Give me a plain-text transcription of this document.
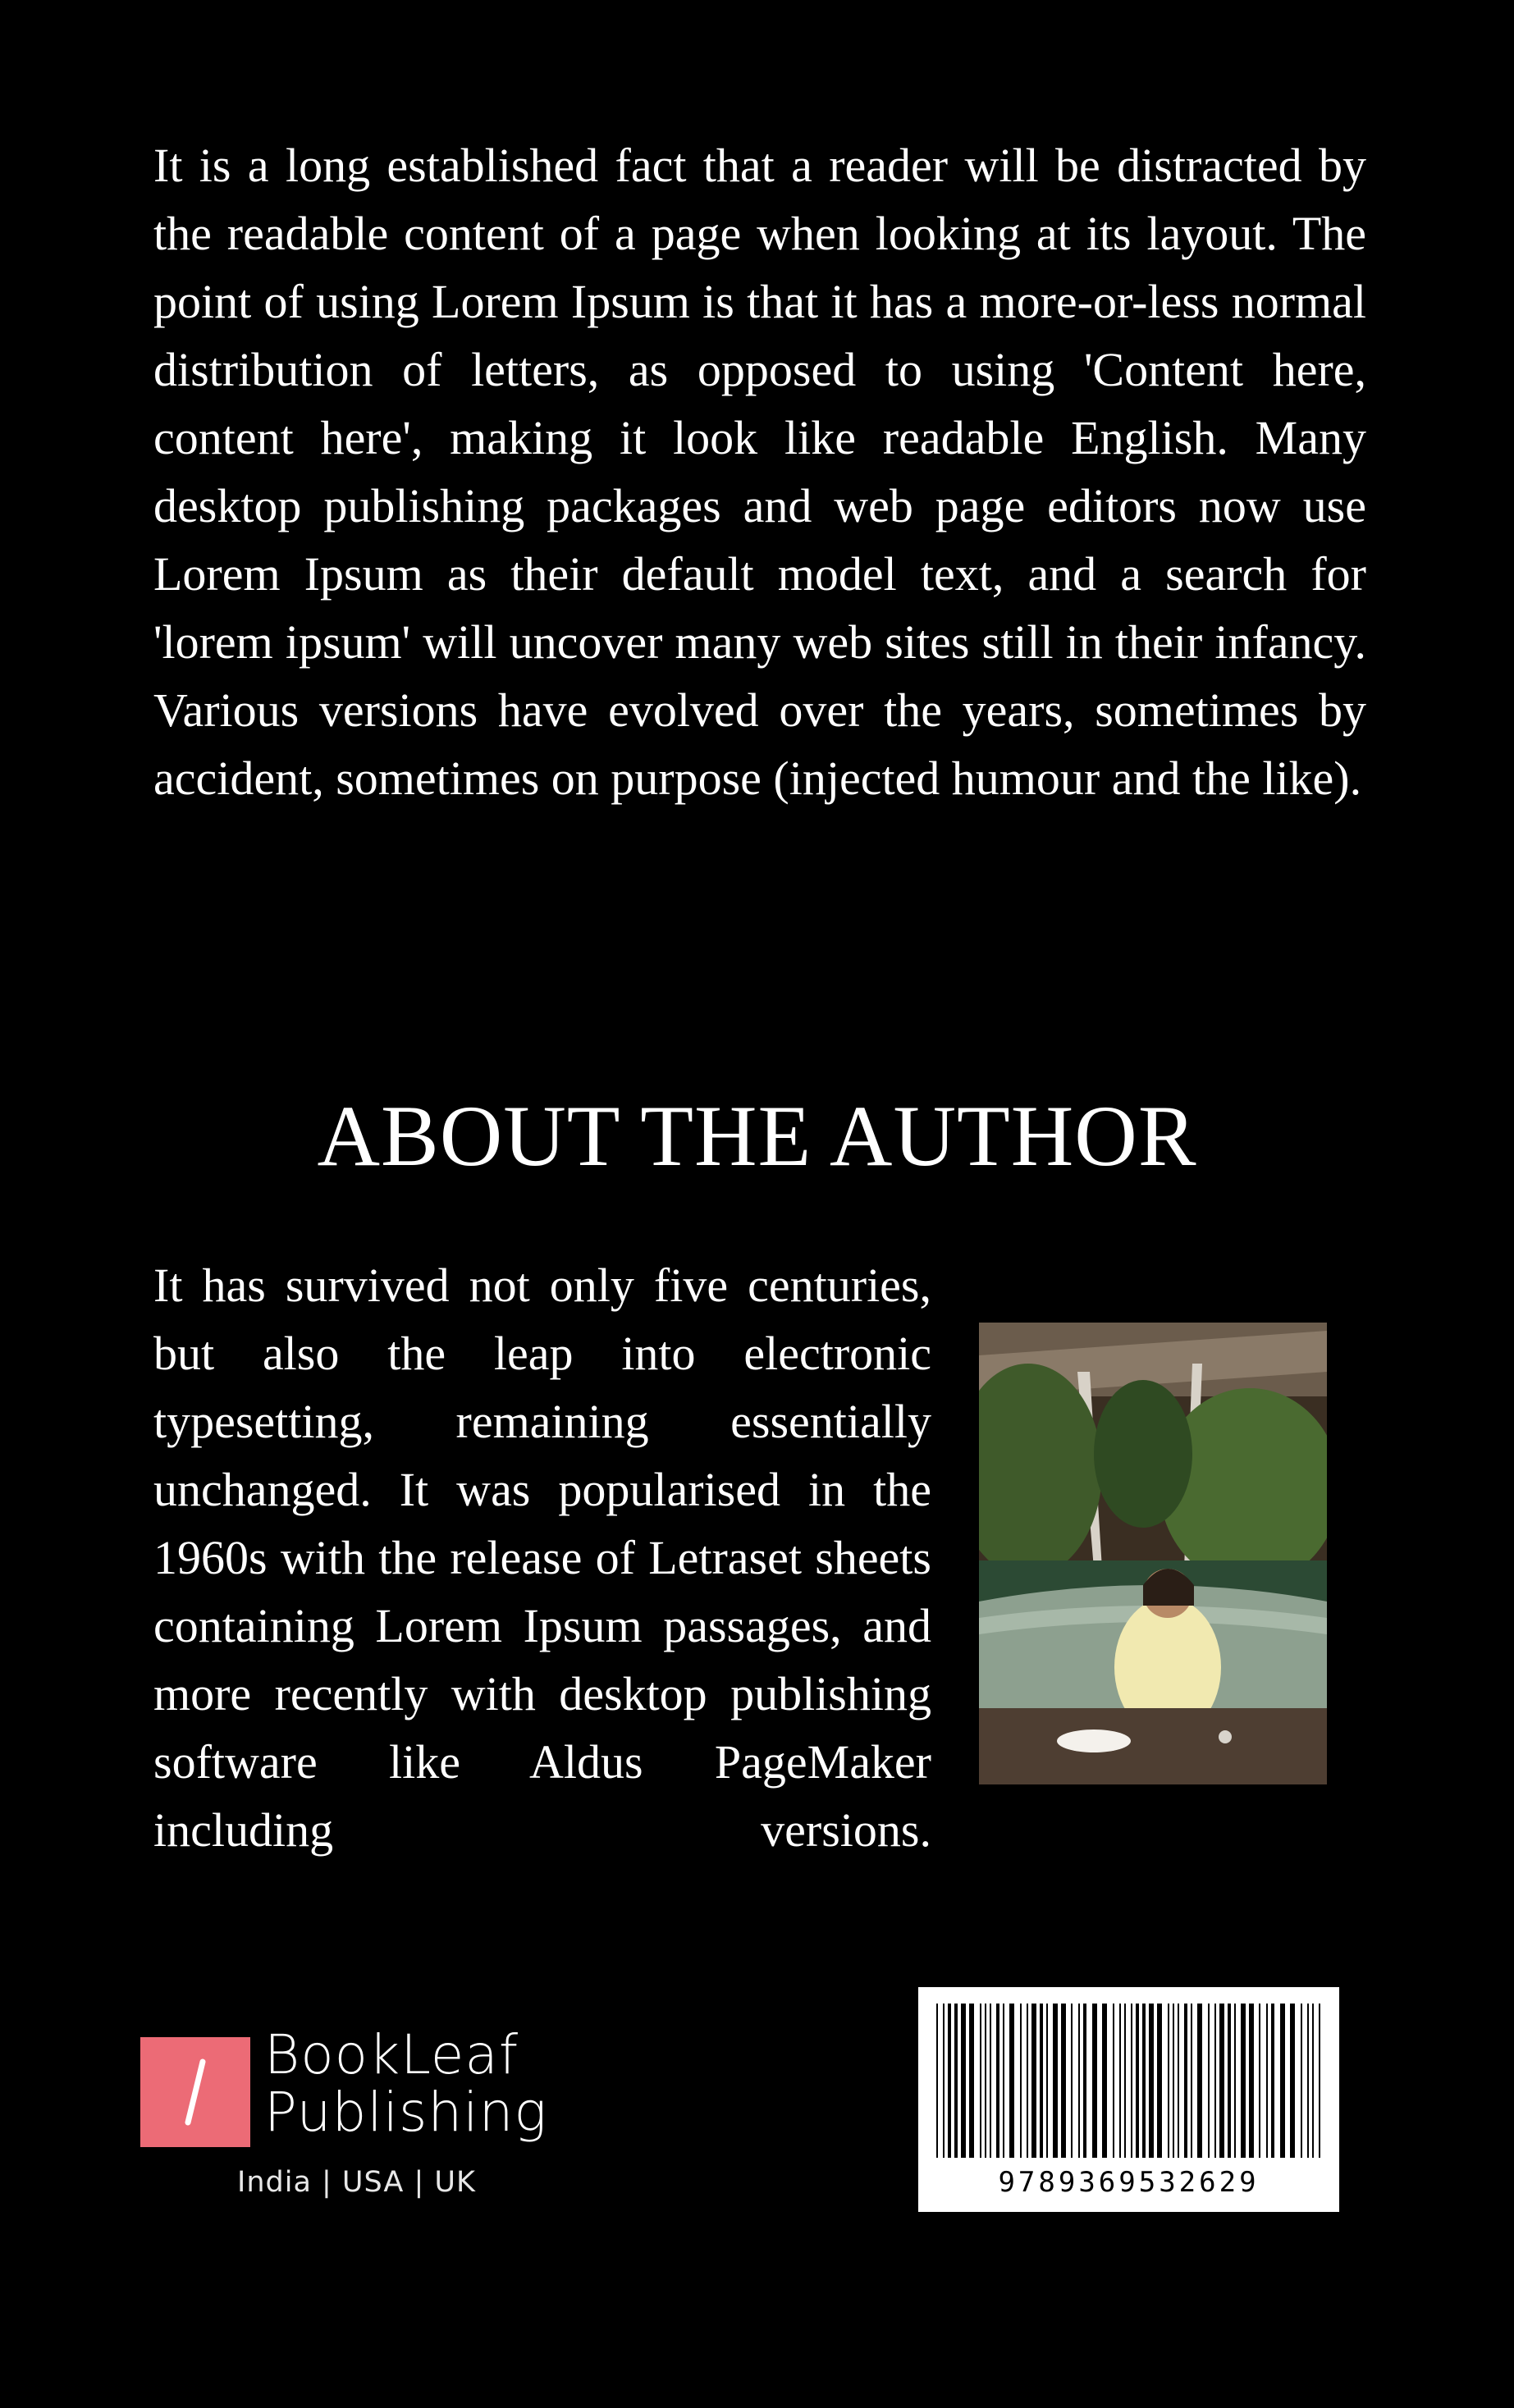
It is a long established fact that a reader will be distracted by the readable content of a page when looking at its layout. The point of using Lorem Ipsum is that it has a more-or-less normal distribution of letters, as opposed to using 'Content here, content here', making it look like readable English. Many desktop publishing packages and web page editors now use Lorem Ipsum as their default model text, and a search for 'lorem ipsum' will uncover many web sites still in their infancy. Various versions have evolved over the years, sometimes by accident, sometimes on purpose (injected humour and the like).

ABOUT THE AUTHOR

It has survived not only five centuries, but also the leap into electronic typesetting, remaining essentially unchanged. It was popularised in the 1960s with the release of Letraset sheets containing Lorem Ipsum passages, and more recently with desktop publishing software like Aldus PageMaker including versions.

BookLeaf
Publishing
India | USA | UK	9789369532629
